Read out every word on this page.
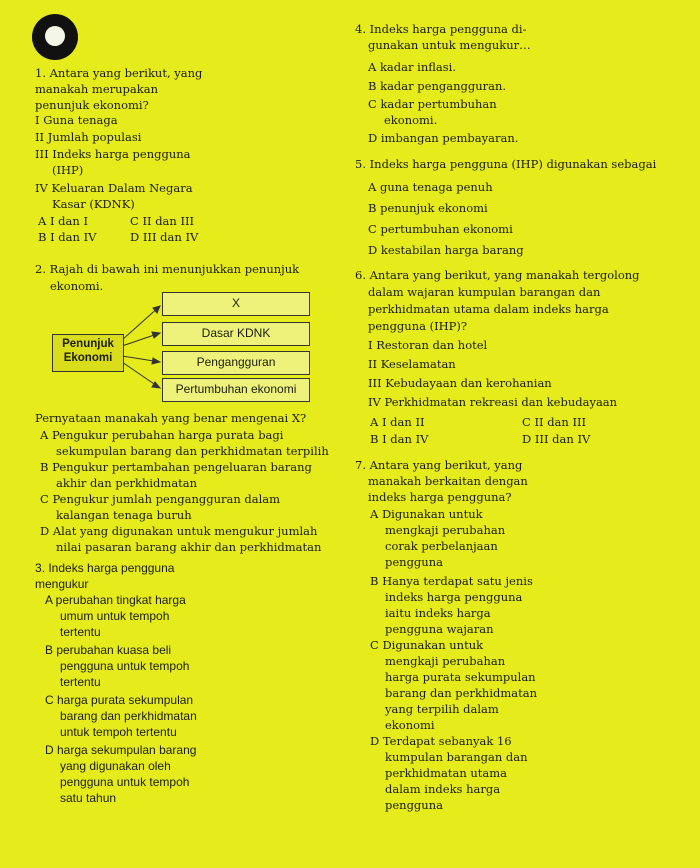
1. Antara yang berikut, yang
manakah merupakan
penunjuk ekonomi?
I Guna tenaga
II Jumlah populasi
III Indeks harga pengguna
(IHP)
IV Keluaran Dalam Negara
Kasar (KDNK)
A I dan I	C II dan III
B I dan IV	D III dan IV
2. Rajah di bawah ini menunjukkan penunjuk
ekonomi.
X
Dasar KDNK
Pengangguran
Pertumbuhan ekonomi
Penunjuk Ekonomi
Pernyataan manakah yang benar mengenai X?
A Pengukur perubahan harga purata bagi
sekumpulan barang dan perkhidmatan terpilih
B Pengukur pertambahan pengeluaran barang
akhir dan perkhidmatan
C Pengukur jumlah pengangguran dalam
kalangan tenaga buruh
D Alat yang digunakan untuk mengukur jumlah
nilai pasaran barang akhir dan perkhidmatan
3. Indeks harga pengguna
mengukur
A perubahan tingkat harga
umum untuk tempoh
tertentu
B perubahan kuasa beli
pengguna untuk tempoh
tertentu
C harga purata sekumpulan
barang dan perkhidmatan
untuk tempoh tertentu
D harga sekumpulan barang
yang digunakan oleh
pengguna untuk tempoh
satu tahun
4. Indeks harga pengguna di-
gunakan untuk mengukur…
A kadar inflasi.
B kadar pengangguran.
C kadar pertumbuhan
ekonomi.
D imbangan pembayaran.
5. Indeks harga pengguna (IHP) digunakan sebagai
A guna tenaga penuh
B penunjuk ekonomi
C pertumbuhan ekonomi
D kestabilan harga barang
6. Antara yang berikut, yang manakah tergolong
dalam wajaran kumpulan barangan dan
perkhidmatan utama dalam indeks harga
pengguna (IHP)?
I Restoran dan hotel
II Keselamatan
III Kebudayaan dan kerohanian
IV Perkhidmatan rekreasi dan kebudayaan
A I dan II	C II dan III
B I dan IV	D III dan IV
7. Antara yang berikut, yang
manakah berkaitan dengan
indeks harga pengguna?
A Digunakan untuk
mengkaji perubahan
corak perbelanjaan
pengguna
B Hanya terdapat satu jenis
indeks harga pengguna
iaitu indeks harga
pengguna wajaran
C Digunakan untuk
mengkaji perubahan
harga purata sekumpulan
barang dan perkhidmatan
yang terpilih dalam
ekonomi
D Terdapat sebanyak 16
kumpulan barangan dan
perkhidmatan utama
dalam indeks harga
pengguna
